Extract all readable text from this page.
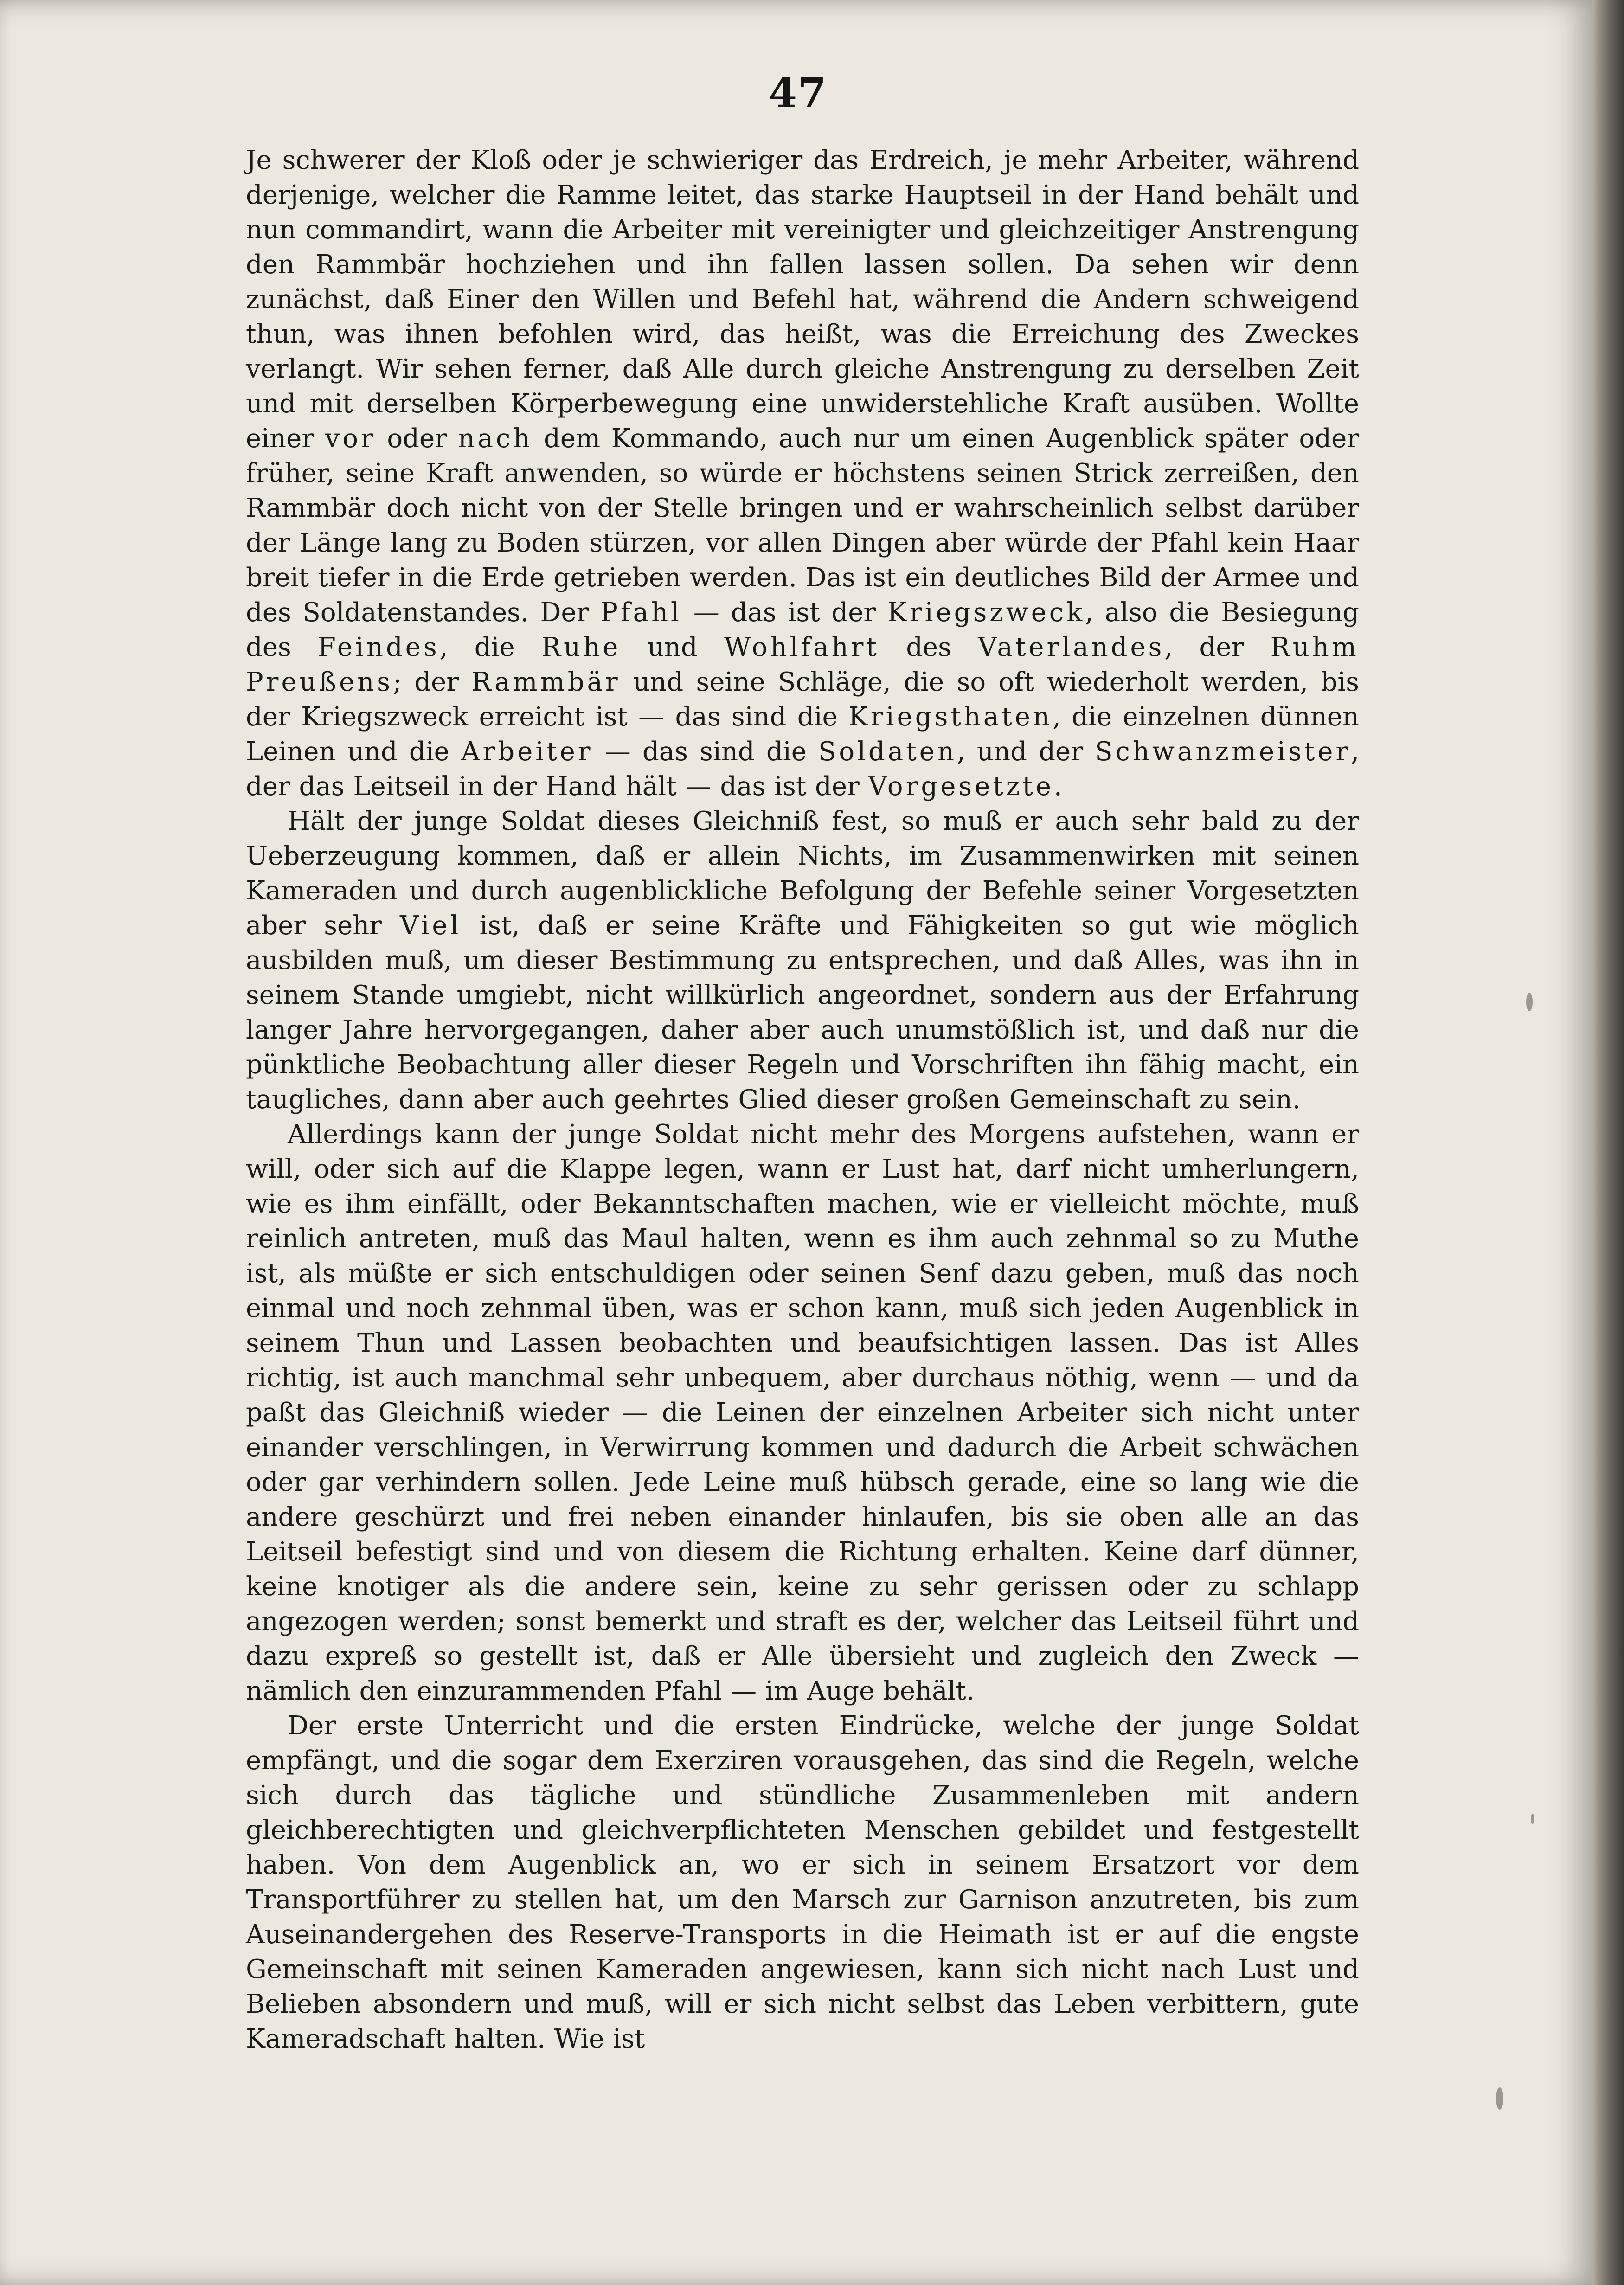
47

Je schwerer der Kloß oder je schwieriger das Erdreich, je mehr Arbeiter, während derjenige, welcher die Ramme leitet, das starke Hauptseil in der Hand behält und nun commandirt, wann die Arbeiter mit vereinigter und gleichzeitiger Anstrengung den Rammbär hochziehen und ihn fallen lassen sollen. Da sehen wir denn zunächst, daß Einer den Willen und Befehl hat, während die Andern schweigend thun, was ihnen befohlen wird, das heißt, was die Erreichung des Zweckes verlangt. Wir sehen ferner, daß Alle durch gleiche Anstrengung zu derselben Zeit und mit derselben Körperbewegung eine unwiderstehliche Kraft ausüben. Wollte einer vor oder nach dem Kommando, auch nur um einen Augenblick später oder früher, seine Kraft anwenden, so würde er höchstens seinen Strick zerreißen, den Rammbär doch nicht von der Stelle bringen und er wahrscheinlich selbst darüber der Länge lang zu Boden stürzen, vor allen Dingen aber würde der Pfahl kein Haar breit tiefer in die Erde getrieben werden. Das ist ein deutliches Bild der Armee und des Soldatenstandes. Der Pfahl — das ist der Kriegszweck, also die Besiegung des Feindes, die Ruhe und Wohlfahrt des Vaterlandes, der Ruhm Preußens; der Rammbär und seine Schläge, die so oft wiederholt werden, bis der Kriegszweck erreicht ist — das sind die Kriegsthaten, die einzelnen dünnen Leinen und die Arbeiter — das sind die Soldaten, und der Schwanzmeister, der das Leitseil in der Hand hält — das ist der Vorgesetzte.

Hält der junge Soldat dieses Gleichniß fest, so muß er auch sehr bald zu der Ueberzeugung kommen, daß er allein Nichts, im Zusammenwirken mit seinen Kameraden und durch augenblickliche Befolgung der Befehle seiner Vorgesetzten aber sehr Viel ist, daß er seine Kräfte und Fähigkeiten so gut wie möglich ausbilden muß, um dieser Bestimmung zu entsprechen, und daß Alles, was ihn in seinem Stande umgiebt, nicht willkürlich angeordnet, sondern aus der Erfahrung langer Jahre hervorgegangen, daher aber auch unumstößlich ist, und daß nur die pünktliche Beobachtung aller dieser Regeln und Vorschriften ihn fähig macht, ein taugliches, dann aber auch geehrtes Glied dieser großen Gemeinschaft zu sein.

Allerdings kann der junge Soldat nicht mehr des Morgens aufstehen, wann er will, oder sich auf die Klappe legen, wann er Lust hat, darf nicht umherlungern, wie es ihm einfällt, oder Bekanntschaften machen, wie er vielleicht möchte, muß reinlich antreten, muß das Maul halten, wenn es ihm auch zehnmal so zu Muthe ist, als müßte er sich entschuldigen oder seinen Senf dazu geben, muß das noch einmal und noch zehnmal üben, was er schon kann, muß sich jeden Augenblick in seinem Thun und Lassen beobachten und beaufsichtigen lassen. Das ist Alles richtig, ist auch manchmal sehr unbequem, aber durchaus nöthig, wenn — und da paßt das Gleichniß wieder — die Leinen der einzelnen Arbeiter sich nicht unter einander verschlingen, in Verwirrung kommen und dadurch die Arbeit schwächen oder gar verhindern sollen. Jede Leine muß hübsch gerade, eine so lang wie die andere geschürzt und frei neben einander hinlaufen, bis sie oben alle an das Leitseil befestigt sind und von diesem die Richtung erhalten. Keine darf dünner, keine knotiger als die andere sein, keine zu sehr gerissen oder zu schlapp angezogen werden; sonst bemerkt und straft es der, welcher das Leitseil führt und dazu expreß so gestellt ist, daß er Alle übersieht und zugleich den Zweck — nämlich den einzurammenden Pfahl — im Auge behält.

Der erste Unterricht und die ersten Eindrücke, welche der junge Soldat empfängt, und die sogar dem Exerziren vorausgehen, das sind die Regeln, welche sich durch das tägliche und stündliche Zusammenleben mit andern gleichberechtigten und gleichverpflichteten Menschen gebildet und festgestellt haben. Von dem Augenblick an, wo er sich in seinem Ersatzort vor dem Transportführer zu stellen hat, um den Marsch zur Garnison anzutreten, bis zum Auseinandergehen des Reserve-Transports in die Heimath ist er auf die engste Gemeinschaft mit seinen Kameraden angewiesen, kann sich nicht nach Lust und Belieben absondern und muß, will er sich nicht selbst das Leben verbittern, gute Kameradschaft halten. Wie ist
